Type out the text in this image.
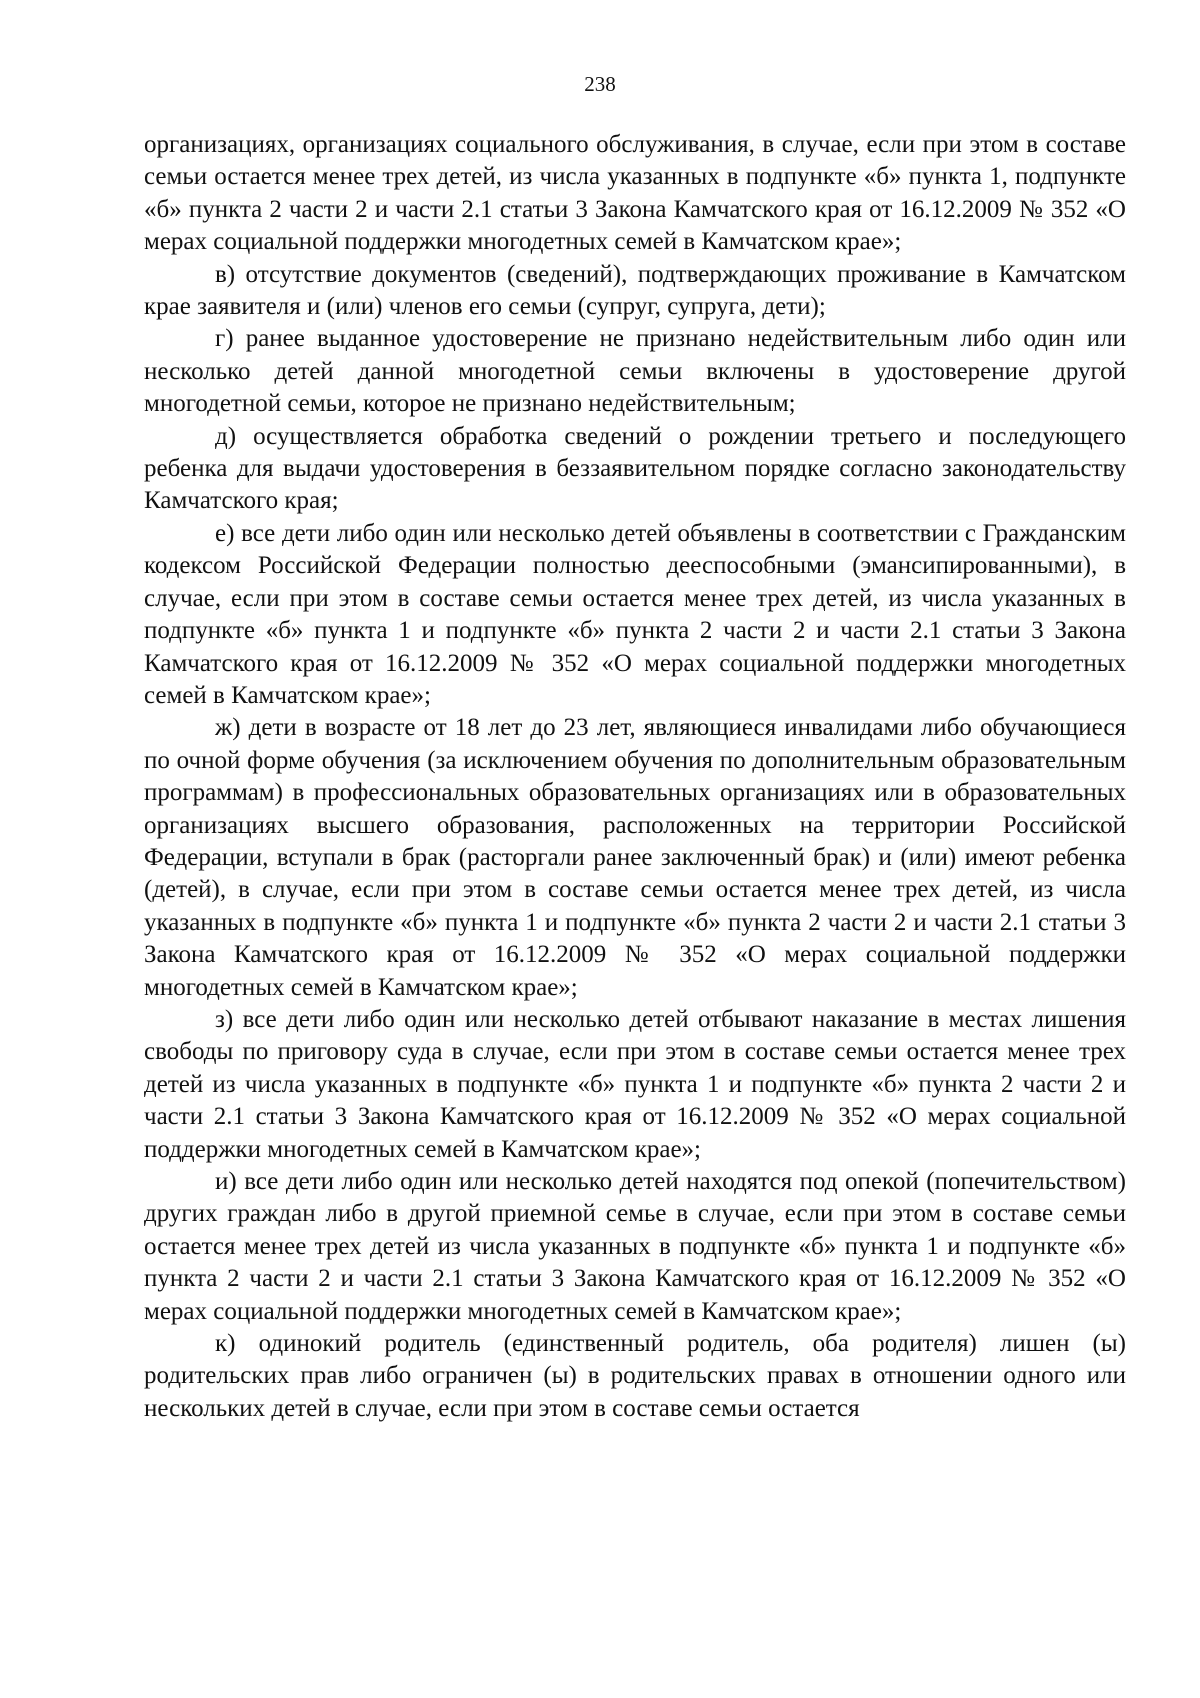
238

организациях, организациях социального обслуживания, в случае, если при этом в составе семьи остается менее трех детей, из числа указанных в подпункте «б» пункта 1, подпункте «б» пункта 2 части 2 и части 2.1 статьи 3 Закона Камчатского края от 16.12.2009 № 352 «О мерах социальной поддержки многодетных семей в Камчатском крае»;

в) отсутствие документов (сведений), подтверждающих проживание в Камчатском крае заявителя и (или) членов его семьи (супруг, супруга, дети);

г) ранее выданное удостоверение не признано недействительным либо один или несколько детей данной многодетной семьи включены в удостоверение другой многодетной семьи, которое не признано недействительным;

д) осуществляется обработка сведений о рождении третьего и последующего ребенка для выдачи удостоверения в беззаявительном порядке согласно законодательству Камчатского края;

е) все дети либо один или несколько детей объявлены в соответствии с Гражданским кодексом Российской Федерации полностью дееспособными (эмансипированными), в случае, если при этом в составе семьи остается менее трех детей, из числа указанных в подпункте «б» пункта 1 и подпункте «б» пункта 2 части 2 и части 2.1 статьи 3 Закона Камчатского края от 16.12.2009 № 352 «О мерах социальной поддержки многодетных семей в Камчатском крае»;

ж) дети в возрасте от 18 лет до 23 лет, являющиеся инвалидами либо обучающиеся по очной форме обучения (за исключением обучения по дополнительным образовательным программам) в профессиональных образовательных организациях или в образовательных организациях высшего образования, расположенных на территории Российской Федерации, вступали в брак (расторгали ранее заключенный брак) и (или) имеют ребенка (детей), в случае, если при этом в составе семьи остается менее трех детей, из числа указанных в подпункте «б» пункта 1 и подпункте «б» пункта 2 части 2 и части 2.1 статьи 3 Закона Камчатского края от 16.12.2009 № 352 «О мерах социальной поддержки многодетных семей в Камчатском крае»;

з) все дети либо один или несколько детей отбывают наказание в местах лишения свободы по приговору суда в случае, если при этом в составе семьи остается менее трех детей из числа указанных в подпункте «б» пункта 1 и подпункте «б» пункта 2 части 2 и части 2.1 статьи 3 Закона Камчатского края от 16.12.2009 № 352 «О мерах социальной поддержки многодетных семей в Камчатском крае»;

и) все дети либо один или несколько детей находятся под опекой (попечительством) других граждан либо в другой приемной семье в случае, если при этом в составе семьи остается менее трех детей из числа указанных в подпункте «б» пункта 1 и подпункте «б» пункта 2 части 2 и части 2.1 статьи 3 Закона Камчатского края от 16.12.2009 № 352 «О мерах социальной поддержки многодетных семей в Камчатском крае»;

к) одинокий родитель (единственный родитель, оба родителя) лишен (ы) родительских прав либо ограничен (ы) в родительских правах в отношении одного или нескольких детей в случае, если при этом в составе семьи остается
